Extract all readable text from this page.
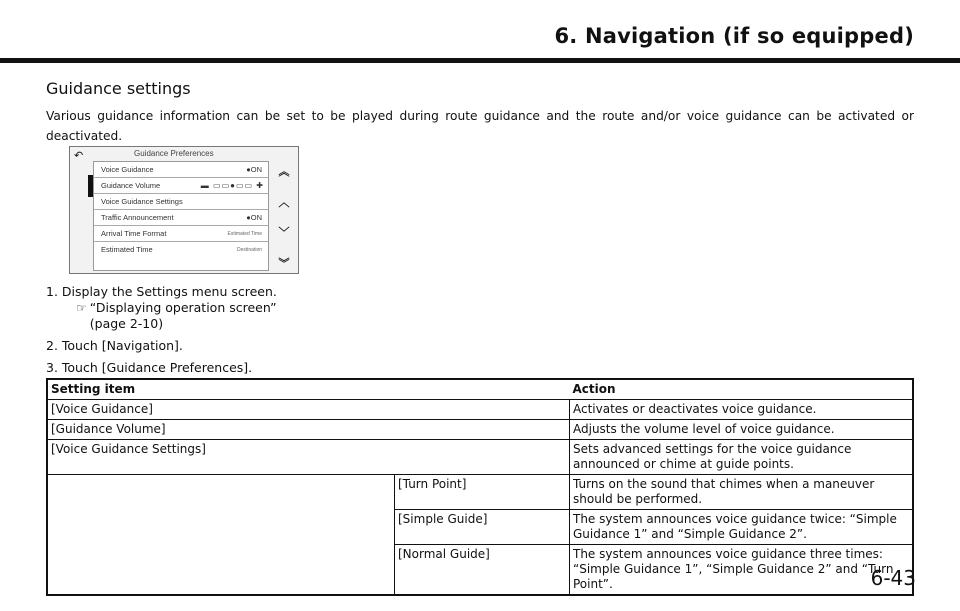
6. Navigation (if so equipped)
Guidance settings
Various guidance information can be set to be played during route guidance and the route and/or voice guidance can be activated or deactivated.
↶	Guidance Preferences
Voice Guidance	●ON
Guidance Volume	▬ ▭▭●▭▭ ✚
Voice Guidance Settings
Traffic Announcement	●ON
Arrival Time Format	Estimated Time
Estimated Time	Destination
︽
︿
﹀
︾

1. Display the Settings menu screen.

☞ “Displaying operation screen”
(page 2-10)

2. Touch [Navigation].

3. Touch [Guidance Preferences].

Setting item		Action
[Voice Guidance]		Activates or deactivates voice guidance.
[Guidance Volume]		Adjusts the volume level of voice guidance.
[Voice Guidance Settings]		Sets advanced settings for the voice guidance announced or chime at guide points.
	[Turn Point]	Turns on the sound that chimes when a maneuver should be performed.
	[Simple Guide]	The system announces voice guidance twice: “Simple Guidance 1” and “Simple Guidance 2”.
	[Normal Guide]	The system announces voice guidance three times: “Simple Guidance 1”, “Simple Guidance 2” and “Turn Point”.	6-43
